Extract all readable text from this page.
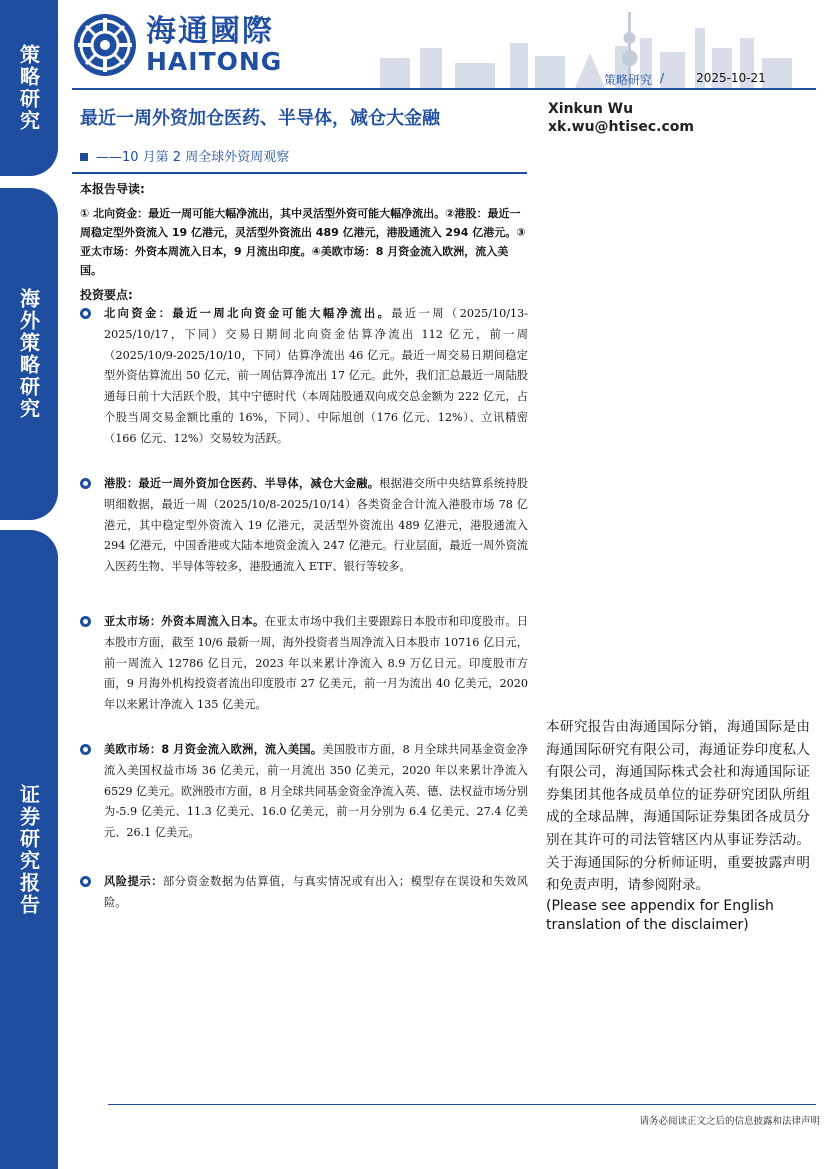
策略研究
海外策略研究
证券研究报告
海通國際
HAITONG
策略研究 /	2025-10-21
最近一周外资加仓医药、半导体，减仓大金融
——10 月第 2 周全球外资周观察
Xinkun Wu
xk.wu@htisec.com
本报告导读:
① 北向资金：最近一周可能大幅净流出，其中灵活型外资可能大幅净流出。②港股：最近一周稳定型外资流入 19 亿港元，灵活型外资流出 489 亿港元，港股通流入 294 亿港元。③亚太市场：外资本周流入日本，9 月流出印度。④美欧市场：8 月资金流入欧洲，流入美国。
投资要点:
北向资金：最近一周北向资金可能大幅净流出。最近一周（2025/10/13-2025/10/17，下同）交易日期间北向资金估算净流出 112 亿元，前一周（2025/10/9-2025/10/10，下同）估算净流出 46 亿元。最近一周交易日期间稳定型外资估算流出 50 亿元，前一周估算净流出 17 亿元。此外，我们汇总最近一周陆股通每日前十大活跃个股，其中宁德时代（本周陆股通双向成交总金额为 222 亿元，占个股当周交易金额比重的 16%，下同）、中际旭创（176 亿元、12%）、立讯精密（166 亿元、12%）交易较为活跃。
港股：最近一周外资加仓医药、半导体，减仓大金融。根据港交所中央结算系统持股明细数据，最近一周（2025/10/8-2025/10/14）各类资金合计流入港股市场 78 亿港元，其中稳定型外资流入 19 亿港元，灵活型外资流出 489 亿港元，港股通流入 294 亿港元，中国香港或大陆本地资金流入 247 亿港元。行业层面，最近一周外资流入医药生物、半导体等较多，港股通流入 ETF、银行等较多。
亚太市场：外资本周流入日本。在亚太市场中我们主要跟踪日本股市和印度股市。日本股市方面，截至 10/6 最新一周，海外投资者当周净流入日本股市 10716 亿日元，前一周流入 12786 亿日元，2023 年以来累计净流入 8.9 万亿日元。印度股市方面，9 月海外机构投资者流出印度股市 27 亿美元，前一月为流出 40 亿美元，2020 年以来累计净流入 135 亿美元。
美欧市场：8 月资金流入欧洲，流入美国。美国股市方面，8 月全球共同基金资金净流入美国权益市场 36 亿美元，前一月流出 350 亿美元，2020 年以来累计净流入 6529 亿美元。欧洲股市方面，8 月全球共同基金资金净流入英、德、法权益市场分别为-5.9 亿美元、11.3 亿美元、16.0 亿美元，前一月分别为 6.4 亿美元、27.4 亿美元、26.1 亿美元。
风险提示：部分资金数据为估算值，与真实情况或有出入；模型存在误设和失效风险。
本研究报告由海通国际分销，海通国际是由海通国际研究有限公司，海通证券印度私人有限公司，海通国际株式会社和海通国际证券集团其他各成员单位的证券研究团队所组成的全球品牌，海通国际证券集团各成员分别在其许可的司法管辖区内从事证券活动。关于海通国际的分析师证明，重要披露声明和免责声明，请参阅附录。
(Please see appendix for English translation of the disclaimer)
请务必阅读正文之后的信息披露和法律声明
